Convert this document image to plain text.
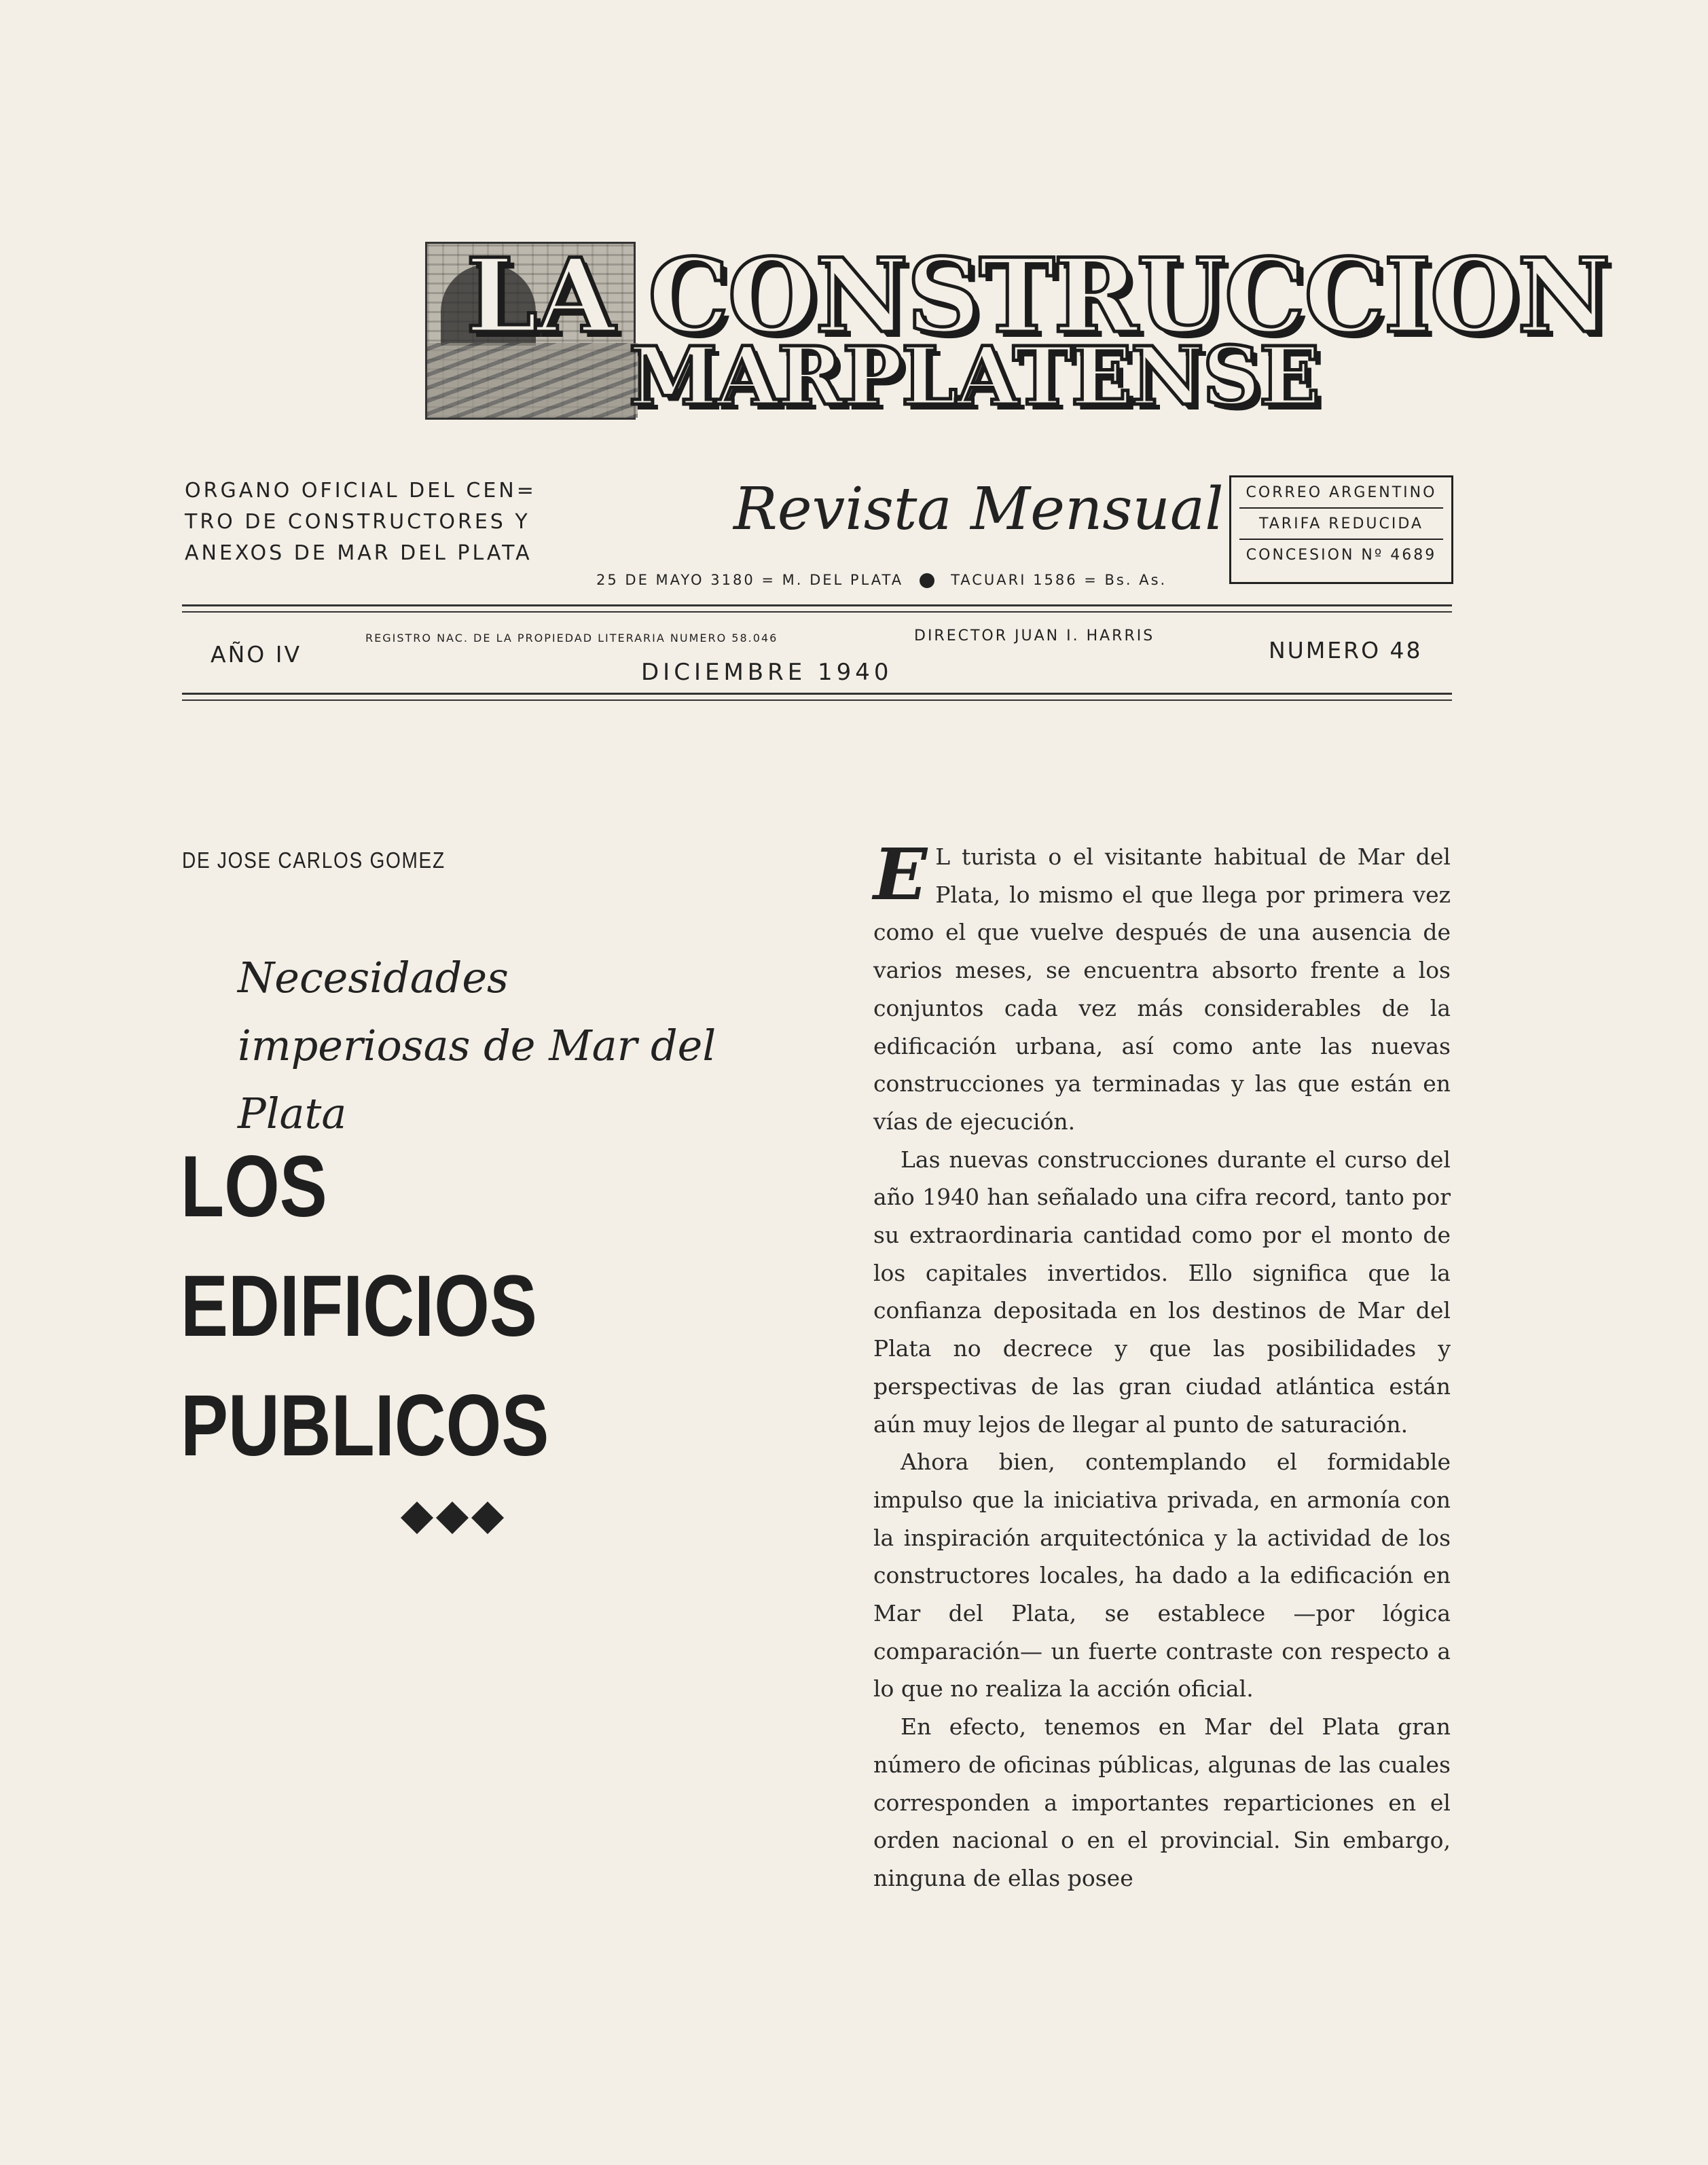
LA CONSTRUCCION
MARPLATENSE
ORGANO OFICIAL DEL CEN= TRO DE CONSTRUCTORES Y ANEXOS DE MAR DEL PLATA
Revista Mensual
25 DE MAYO 3180 = M. DEL PLATA	TACUARI 1586 = Bs. As.
CORREO ARGENTINO
TARIFA REDUCIDA
CONCESION Nº 4689
AÑO IV
REGISTRO NAC. DE LA PROPIEDAD LITERARIA NUMERO 58.046	DIRECTOR JUAN I. HARRIS
DICIEMBRE 1940
NUMERO 48
DE JOSE CARLOS GOMEZ
Necesidades imperiosas de Mar del Plata
LOS EDIFICIOS PUBLICOS

E L turista o el visitante habitual de Mar del Plata, lo mismo el que llega por primera vez como el que vuelve después de una ausencia de varios meses, se encuentra absorto frente a los conjuntos cada vez más considerables de la edificación urbana, así como ante las nuevas construcciones ya terminadas y las que están en vías de ejecución.

Las nuevas construcciones durante el curso del año 1940 han señalado una cifra record, tanto por su extraordinaria cantidad como por el monto de los capitales invertidos. Ello significa que la confianza depositada en los destinos de Mar del Plata no decrece y que las posibilidades y perspectivas de las gran ciudad atlántica están aún muy lejos de llegar al punto de saturación.

Ahora bien, contemplando el formidable impulso que la iniciativa privada, en armonía con la inspiración arquitectónica y la actividad de los constructores locales, ha dado a la edificación en Mar del Plata, se establece —por lógica comparación— un fuerte contraste con respecto a lo que no realiza la acción oficial.

En efecto, tenemos en Mar del Plata gran número de oficinas públicas, algunas de las cuales corresponden a importantes reparticiones en el orden nacional o en el provincial. Sin embargo, ninguna de ellas posee
